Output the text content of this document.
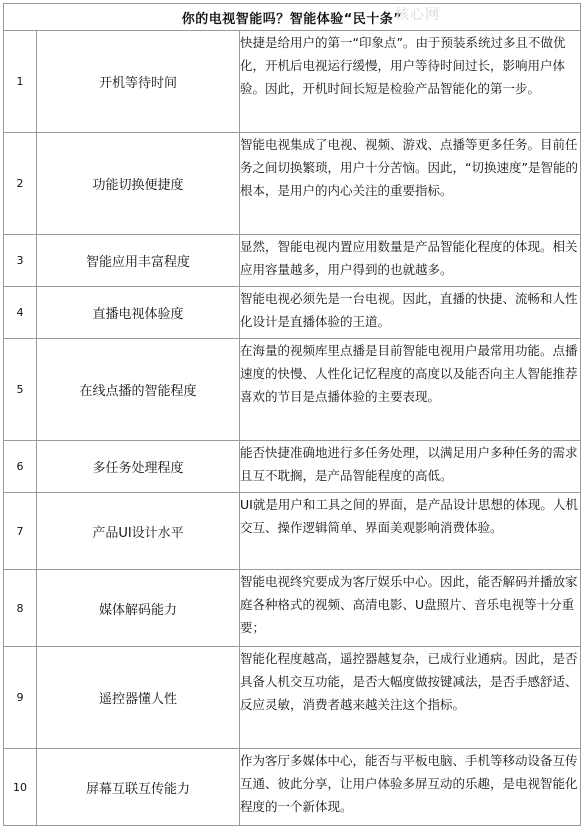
你的电视智能吗？智能体验“民十条”		
1	开机等待时间	快捷是给用户的第一“印象点”。由于预装系统过多且不做优化，开机后电视运行缓慢，用户等待时间过长，影响用户体验。因此，开机时间长短是检验产品智能化的第一步。
2	功能切换便捷度	智能电视集成了电视、视频、游戏、点播等更多任务。目前任务之间切换繁琐，用户十分苦恼。因此，“切换速度”是智能的根本，是用户的内心关注的重要指标。
3	智能应用丰富程度	显然，智能电视内置应用数量是产品智能化程度的体现。相关应用容量越多，用户得到的也就越多。
4	直播电视体验度	智能电视必须先是一台电视。因此，直播的快捷、流畅和人性化设计是直播体验的王道。
5	在线点播的智能程度	在海量的视频库里点播是目前智能电视用户最常用功能。点播速度的快慢、人性化记忆程度的高度以及能否向主人智能推荐喜欢的节目是点播体验的主要表现。
6	多任务处理程度	能否快捷准确地进行多任务处理，以满足用户多种任务的需求且互不耽搁，是产品智能程度的高低。
7	产品UI设计水平	UI就是用户和工具之间的界面，是产品设计思想的体现。人机交互、操作逻辑简单、界面美观影响消费体验。
8	媒体解码能力	智能电视终究要成为客厅娱乐中心。因此，能否解码并播放家庭各种格式的视频、高清电影、U盘照片、音乐电视等十分重要；
9	遥控器懂人性	智能化程度越高，遥控器越复杂，已成行业通病。因此，是否具备人机交互功能，是否大幅度做按键减法，是否手感舒适、反应灵敏，消费者越来越关注这个指标。
10	屏幕互联互传能力	作为客厅多媒体中心，能否与平板电脑、手机等移动设备互传互通、彼此分享，让用户体验多屏互动的乐趣，是电视智能化程度的一个新体现。
核心网
